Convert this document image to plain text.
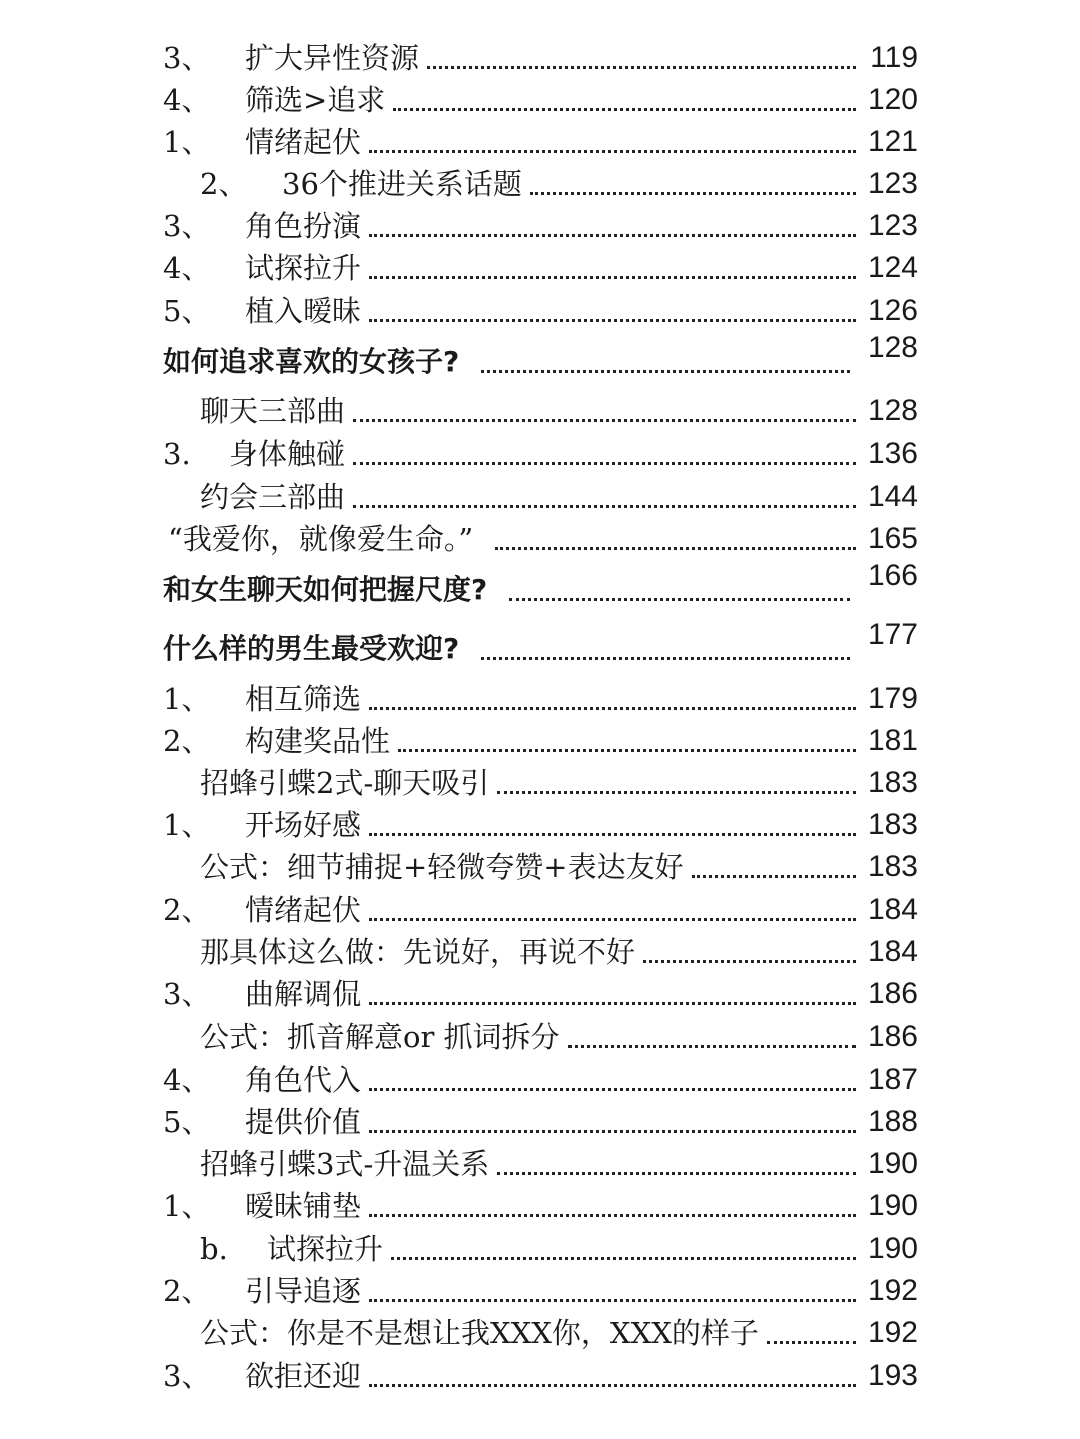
3、	扩大异性资源	119
4、	筛选>追求	120
1、	情绪起伏	121
2、	36个推进关系话题	123
3、	角色扮演	123
4、	试探拉升	124
5、	植入暧昧	126
如何追求喜欢的女孩子?	128
聊天三部曲	128
3.	身体触碰	136
约会三部曲	144
“我爱你，就像爱生命。”	165
和女生聊天如何把握尺度?	166
什么样的男生最受欢迎?	177
1、	相互筛选	179
2、	构建奖品性	181
招蜂引蝶2式-聊天吸引	183
1、	开场好感	183
公式：细节捕捉+轻微夸赞+表达友好	183
2、	情绪起伏	184
那具体这么做：先说好，再说不好	184
3、	曲解调侃	186
公式：抓音解意or 抓词拆分	186
4、	角色代入	187
5、	提供价值	188
招蜂引蝶3式-升温关系	190
1、	暧昧铺垫	190
b.	试探拉升	190
2、	引导追逐	192
公式：你是不是想让我XXX你，XXX的样子	192
3、	欲拒还迎	193
